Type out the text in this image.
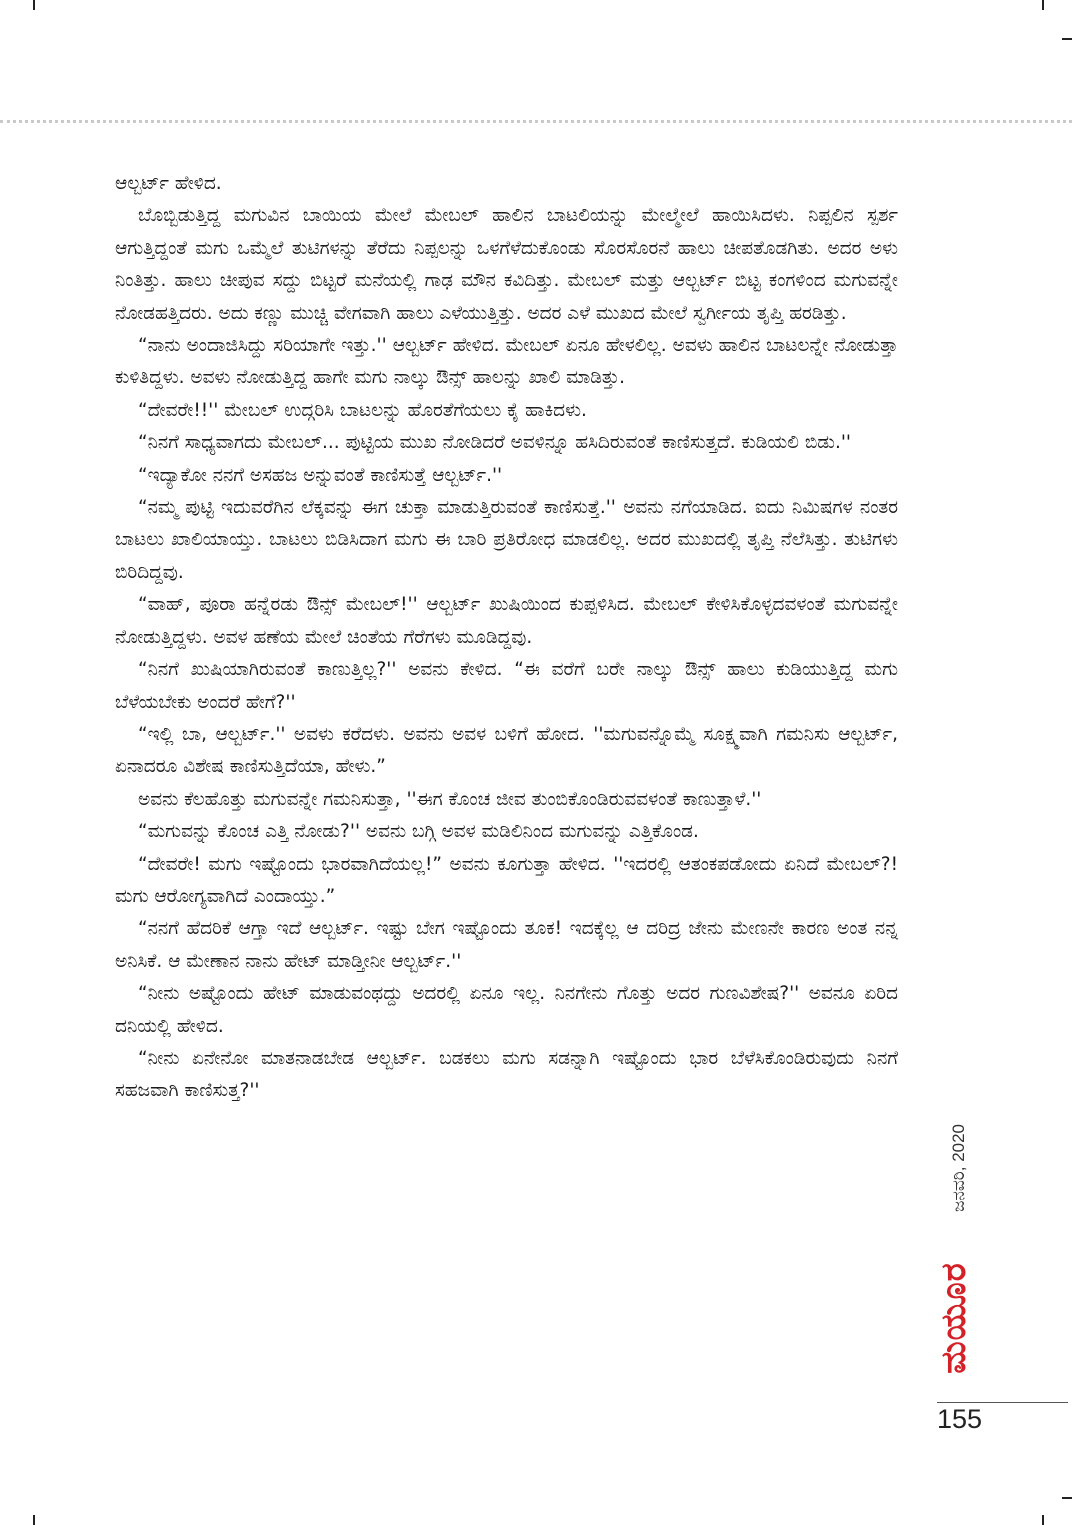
ಆಲ್ಬರ್ಟ್ ಹೇಳಿದ.

ಬೊಬ್ಬಿಡುತ್ತಿದ್ದ ಮಗುವಿನ ಬಾಯಿಯ ಮೇಲೆ ಮೇಬಲ್ ಹಾಲಿನ ಬಾಟಲಿಯನ್ನು ಮೇಲ್ಮೇಲೆ ಹಾಯಿಸಿದಳು. ನಿಪ್ಪಲಿನ ಸ್ಪರ್ಶ ಆಗುತ್ತಿದ್ದಂತೆ ಮಗು ಒಮ್ಮೆಲೆ ತುಟಿಗಳನ್ನು ತೆರೆದು ನಿಪ್ಪಲನ್ನು ಒಳಗೆಳೆದುಕೊಂಡು ಸೊರಸೊರನೆ ಹಾಲು ಚೀಪತೊಡಗಿತು. ಅದರ ಅಳು ನಿಂತಿತ್ತು. ಹಾಲು ಚೀಪುವ ಸದ್ದು ಬಿಟ್ಟರೆ ಮನೆಯಲ್ಲಿ ಗಾಢ ಮೌನ ಕವಿದಿತ್ತು. ಮೇಬಲ್ ಮತ್ತು ಆಲ್ಬರ್ಟ್ ಬಿಟ್ಟ ಕಂಗಳಿಂದ ಮಗುವನ್ನೇ ನೋಡಹತ್ತಿದರು. ಅದು ಕಣ್ಣು ಮುಚ್ಚಿ ವೇಗವಾಗಿ ಹಾಲು ಎಳೆಯುತ್ತಿತ್ತು. ಅದರ ಎಳೆ ಮುಖದ ಮೇಲೆ ಸ್ವರ್ಗೀಯ ತೃಪ್ತಿ ಹರಡಿತ್ತು.

“ನಾನು ಅಂದಾಜಿಸಿದ್ದು ಸರಿಯಾಗೇ ಇತ್ತು.'' ಆಲ್ಬರ್ಟ್ ಹೇಳಿದ. ಮೇಬಲ್ ಏನೂ ಹೇಳಲಿಲ್ಲ. ಅವಳು ಹಾಲಿನ ಬಾಟಲನ್ನೇ ನೋಡುತ್ತಾ ಕುಳಿತಿದ್ದಳು. ಅವಳು ನೋಡುತ್ತಿದ್ದ ಹಾಗೇ ಮಗು ನಾಲ್ಕು ಔನ್ಸ್ ಹಾಲನ್ನು ಖಾಲಿ ಮಾಡಿತ್ತು.

“ದೇವರೇ!!'' ಮೇಬಲ್ ಉದ್ಗರಿಸಿ ಬಾಟಲನ್ನು ಹೊರತೆಗೆಯಲು ಕೈ ಹಾಕಿದಳು.

“ನಿನಗೆ ಸಾಧ್ಯವಾಗದು ಮೇಬಲ್... ಪುಟ್ಟಿಯ ಮುಖ ನೋಡಿದರೆ ಅವಳಿನ್ನೂ ಹಸಿದಿರುವಂತೆ ಕಾಣಿಸುತ್ತದೆ. ಕುಡಿಯಲಿ ಬಿಡು.''

“ಇದ್ಯಾಕೋ ನನಗೆ ಅಸಹಜ ಅನ್ನುವಂತೆ ಕಾಣಿಸುತ್ತೆ ಆಲ್ಬರ್ಟ್.''

“ನಮ್ಮ ಪುಟ್ಟಿ ಇದುವರೆಗಿನ ಲೆಕ್ಕವನ್ನು ಈಗ ಚುಕ್ತಾ ಮಾಡುತ್ತಿರುವಂತೆ ಕಾಣಿಸುತ್ತೆ.'' ಅವನು ನಗೆಯಾಡಿದ. ಐದು ನಿಮಿಷಗಳ ನಂತರ ಬಾಟಲು ಖಾಲಿಯಾಯ್ತು. ಬಾಟಲು ಬಿಡಿಸಿದಾಗ ಮಗು ಈ ಬಾರಿ ಪ್ರತಿರೋಧ ಮಾಡಲಿಲ್ಲ. ಅದರ ಮುಖದಲ್ಲಿ ತೃಪ್ತಿ ನೆಲೆಸಿತ್ತು. ತುಟಿಗಳು ಬಿರಿದಿದ್ದವು.

“ವಾಹ್, ಪೂರಾ ಹನ್ನೆರಡು ಔನ್ಸ್ ಮೇಬಲ್!'' ಆಲ್ಬರ್ಟ್ ಖುಷಿಯಿಂದ ಕುಪ್ಪಳಿಸಿದ. ಮೇಬಲ್ ಕೇಳಿಸಿಕೊಳ್ಳದವಳಂತೆ ಮಗುವನ್ನೇ ನೋಡುತ್ತಿದ್ದಳು. ಅವಳ ಹಣೆಯ ಮೇಲೆ ಚಿಂತೆಯ ಗೆರೆಗಳು ಮೂಡಿದ್ದವು.

“ನಿನಗೆ ಖುಷಿಯಾಗಿರುವಂತೆ ಕಾಣುತ್ತಿಲ್ಲ?'' ಅವನು ಕೇಳಿದ. “ಈ ವರೆಗೆ ಬರೇ ನಾಲ್ಕು ಔನ್ಸ್ ಹಾಲು ಕುಡಿಯುತ್ತಿದ್ದ ಮಗು ಬೆಳೆಯಬೇಕು ಅಂದರೆ ಹೇಗೆ?''

“ಇಲ್ಲಿ ಬಾ, ಆಲ್ಬರ್ಟ್.'' ಅವಳು ಕರೆದಳು. ಅವನು ಅವಳ ಬಳಿಗೆ ಹೋದ. ''ಮಗುವನ್ನೊಮ್ಮೆ ಸೂಕ್ಷ್ಮವಾಗಿ ಗಮನಿಸು ಆಲ್ಬರ್ಟ್, ಏನಾದರೂ ವಿಶೇಷ ಕಾಣಿಸುತ್ತಿದೆಯಾ, ಹೇಳು.”

ಅವನು ಕೆಲಹೊತ್ತು ಮಗುವನ್ನೇ ಗಮನಿಸುತ್ತಾ, ''ಈಗ ಕೊಂಚ ಜೀವ ತುಂಬಿಕೊಂಡಿರುವವಳಂತೆ ಕಾಣುತ್ತಾಳೆ.''

“ಮಗುವನ್ನು ಕೊಂಚ ಎತ್ತಿ ನೋಡು?'' ಅವನು ಬಗ್ಗಿ ಅವಳ ಮಡಿಲಿನಿಂದ ಮಗುವನ್ನು ಎತ್ತಿಕೊಂಡ.

“ದೇವರೇ! ಮಗು ಇಷ್ಟೊಂದು ಭಾರವಾಗಿದೆಯಲ್ಲ!” ಅವನು ಕೂಗುತ್ತಾ ಹೇಳಿದ. ''ಇದರಲ್ಲಿ ಆತಂಕಪಡೋದು ಏನಿದೆ ಮೇಬಲ್?! ಮಗು ಆರೋಗ್ಯವಾಗಿದೆ ಎಂದಾಯ್ತು.”

“ನನಗೆ ಹೆದರಿಕೆ ಆಗ್ತಾ ಇದೆ ಆಲ್ಬರ್ಟ್. ಇಷ್ಟು ಬೇಗ ಇಷ್ಟೊಂದು ತೂಕ! ಇದಕ್ಕೆಲ್ಲ ಆ ದರಿದ್ರ ಜೇನು ಮೇಣನೇ ಕಾರಣ ಅಂತ ನನ್ನ ಅನಿಸಿಕೆ. ಆ ಮೇಣಾನ ನಾನು ಹೇಟ್ ಮಾಡ್ತೀನೀ ಆಲ್ಬರ್ಟ್.''

“ನೀನು ಅಷ್ಟೊಂದು ಹೇಟ್ ಮಾಡುವಂಥದ್ದು ಅದರಲ್ಲಿ ಏನೂ ಇಲ್ಲ. ನಿನಗೇನು ಗೊತ್ತು ಅದರ ಗುಣವಿಶೇಷ?'' ಅವನೂ ಏರಿದ ದನಿಯಲ್ಲಿ ಹೇಳಿದ.

“ನೀನು ಏನೇನೋ ಮಾತನಾಡಬೇಡ ಆಲ್ಬರ್ಟ್. ಬಡಕಲು ಮಗು ಸಡನ್ನಾಗಿ ಇಷ್ಟೊಂದು ಭಾರ ಬೆಳೆಸಿಕೊಂಡಿರುವುದು ನಿನಗೆ ಸಹಜವಾಗಿ ಕಾಣಿಸುತ್ತ?''

ಜನವರಿ, 2020
ಮಯೂರ
155
